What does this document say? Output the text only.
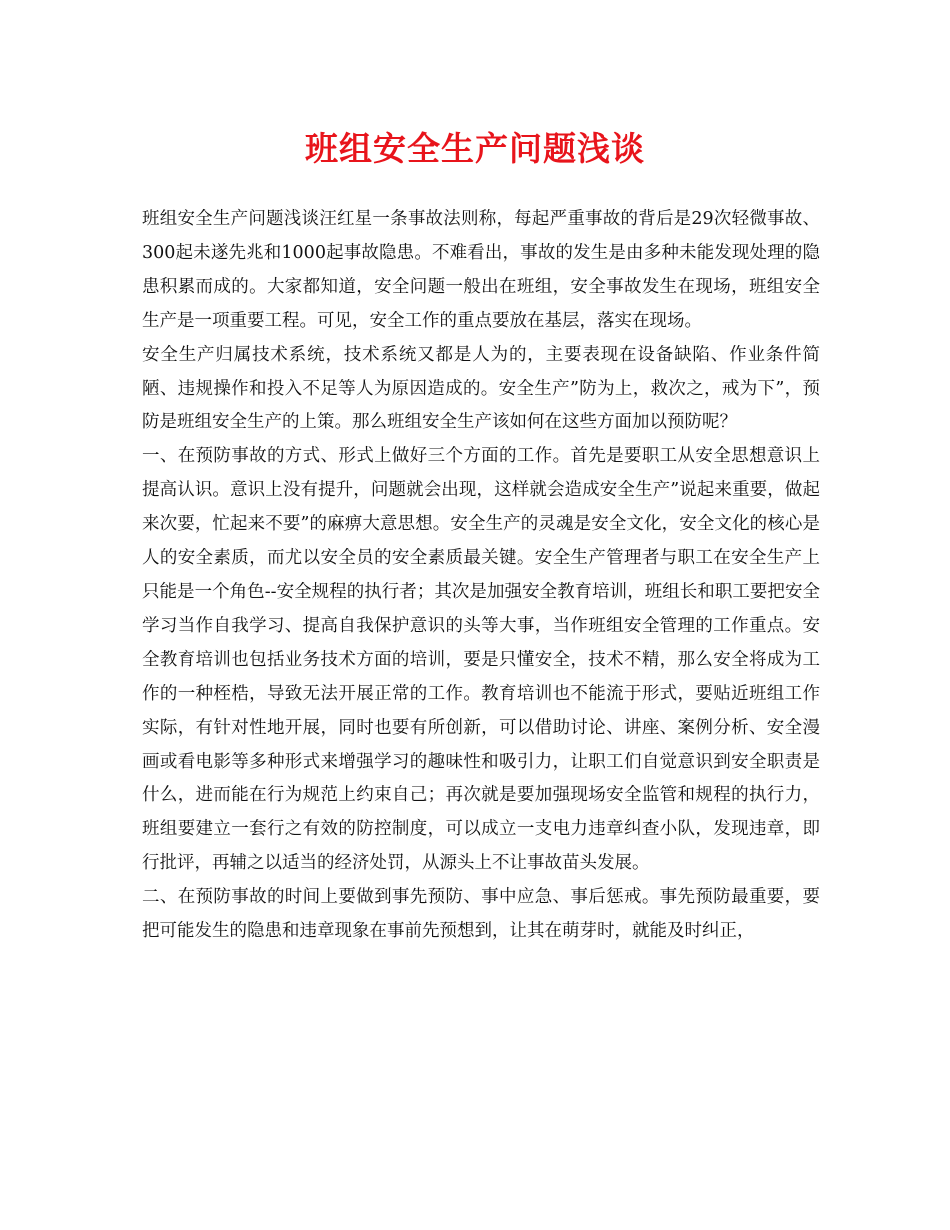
班组安全生产问题浅谈

班组安全生产问题浅谈汪红星一条事故法则称，每起严重事故的背后是29次轻微事故、300起未遂先兆和1000起事故隐患。不难看出，事故的发生是由多种未能发现处理的隐患积累而成的。大家都知道，安全问题一般出在班组，安全事故发生在现场，班组安全生产是一项重要工程。可见，安全工作的重点要放在基层，落实在现场。

安全生产归属技术系统，技术系统又都是人为的，主要表现在设备缺陷、作业条件简陋、违规操作和投入不足等人为原因造成的。安全生产”防为上，救次之，戒为下”，预防是班组安全生产的上策。那么班组安全生产该如何在这些方面加以预防呢？

一、在预防事故的方式、形式上做好三个方面的工作。首先是要职工从安全思想意识上提高认识。意识上没有提升，问题就会出现，这样就会造成安全生产”说起来重要，做起来次要，忙起来不要”的麻痹大意思想。安全生产的灵魂是安全文化，安全文化的核心是人的安全素质，而尤以安全员的安全素质最关键。安全生产管理者与职工在安全生产上只能是一个角色--安全规程的执行者；其次是加强安全教育培训，班组长和职工要把安全学习当作自我学习、提高自我保护意识的头等大事，当作班组安全管理的工作重点。安全教育培训也包括业务技术方面的培训，要是只懂安全，技术不精，那么安全将成为工作的一种桎梏，导致无法开展正常的工作。教育培训也不能流于形式，要贴近班组工作实际，有针对性地开展，同时也要有所创新，可以借助讨论、讲座、案例分析、安全漫画或看电影等多种形式来增强学习的趣味性和吸引力，让职工们自觉意识到安全职责是什么，进而能在行为规范上约束自己；再次就是要加强现场安全监管和规程的执行力，班组要建立一套行之有效的防控制度，可以成立一支电力违章纠查小队，发现违章，即行批评，再辅之以适当的经济处罚，从源头上不让事故苗头发展。

二、在预防事故的时间上要做到事先预防、事中应急、事后惩戒。事先预防最重要，要把可能发生的隐患和违章现象在事前先预想到，让其在萌芽时，就能及时纠正，
